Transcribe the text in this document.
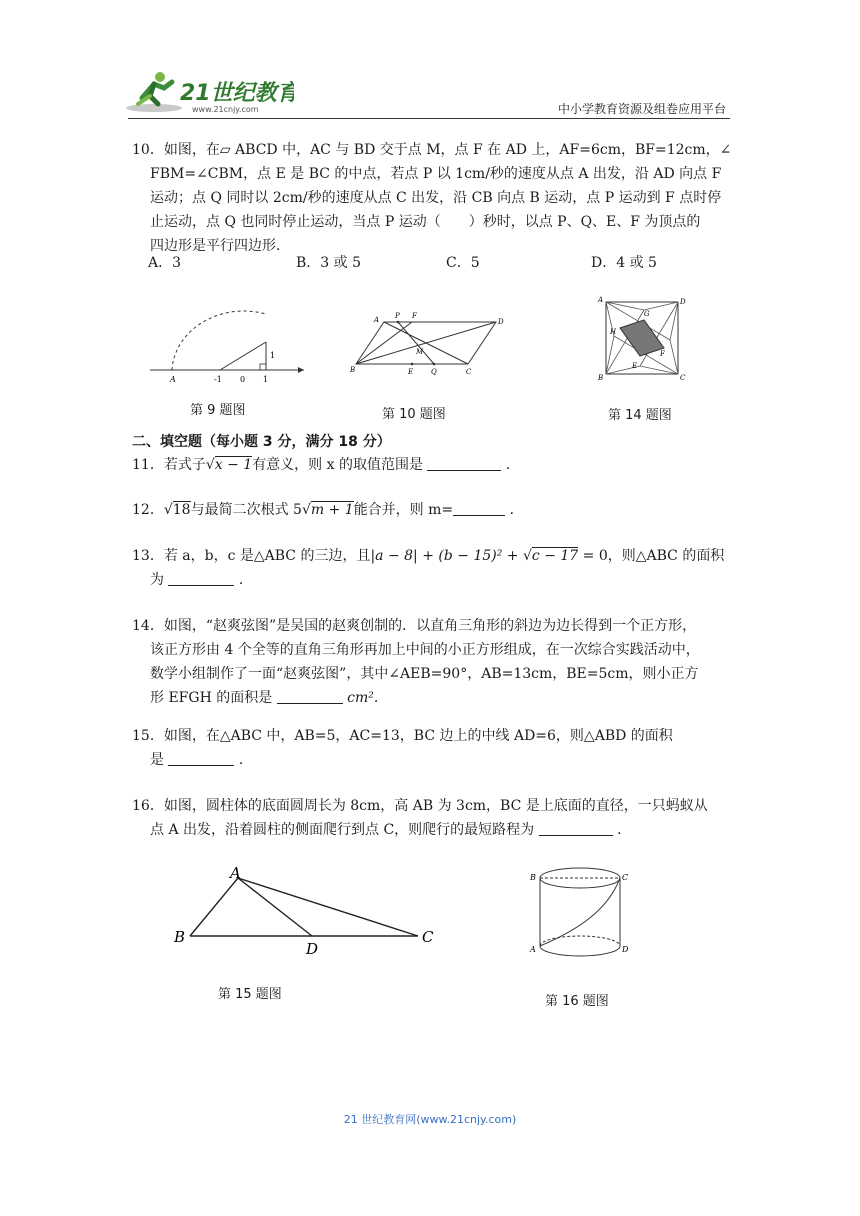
21世纪教育
www.21cnjy.com	中小学教育资源及组卷应用平台
10．如图，在▱ ABCD 中，AC 与 BD 交于点 M，点 F 在 AD 上，AF=6cm，BF=12cm，∠
FBM=∠CBM，点 E 是 BC 的中点，若点 P 以 1cm/秒的速度从点 A 出发，沿 AD 向点 F
运动；点 Q 同时以 2cm/秒的速度从点 C 出发，沿 CB 向点 B 运动，点 P 运动到 F 点时停
止运动，点 Q 也同时停止运动，当点 P 运动（　　）秒时，以点 P、Q、E、F 为顶点的
四边形是平行四边形．
A．3	B．3 或 5	C．5	D．4 或 5
A	-1 0 1
1
第 9 题图
A P F
D
M
B	E	Q	C
第 10 题图
A	D
G
H
F
E
B	C
第 14 题图
二、填空题（每小题 3 分，满分 18 分）
11．若式子√x − 1有意义，则 x 的取值范围是	．
12．√18与最简二次根式 5√m + 1能合并，则 m=	．
13．若 a，b，c 是△ABC 的三边，且|a − 8| + (b − 15)² + √c − 17 = 0，则△ABC 的面积
为	．
14．如图，“赵爽弦图”是吴国的赵爽创制的．以直角三角形的斜边为边长得到一个正方形，
该正方形由 4 个全等的直角三角形再加上中间的小正方形组成，在一次综合实践活动中，
数学小组制作了一面“赵爽弦图”，其中∠AEB=90°，AB=13cm，BE=5cm，则小正方
形 EFGH 的面积是	cm².
15．如图，在△ABC 中，AB=5，AC=13，BC 边上的中线 AD=6，则△ABD 的面积
是	．
16．如图，圆柱体的底面圆周长为 8cm，高 AB 为 3cm，BC 是上底面的直径，一只蚂蚁从
点 A 出发，沿着圆柱的侧面爬行到点 C，则爬行的最短路程为	．
A
B
D
C
第 15 题图
B	C
A	D
第 16 题图
21 世纪教育网(www.21cnjy.com)
